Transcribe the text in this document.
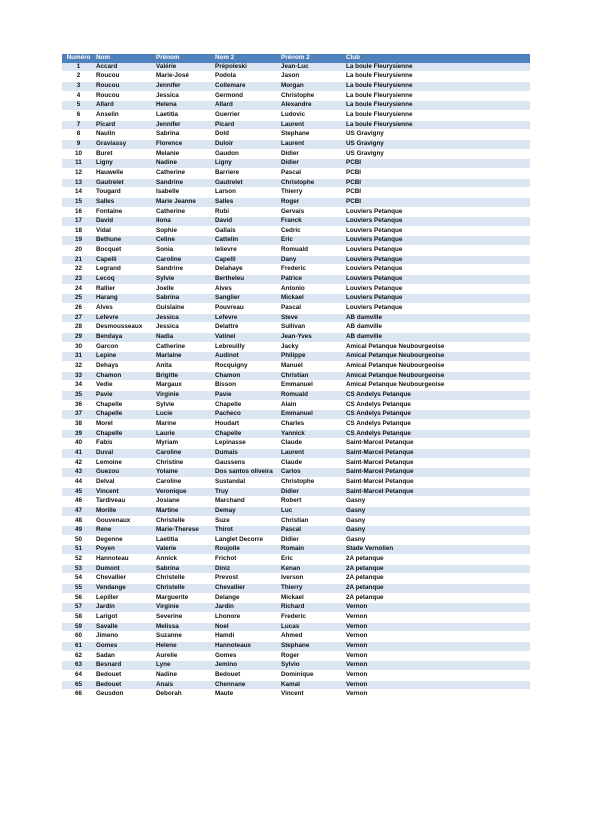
Numéro	Nom	Prénom	Nom 2	Prénom 2	Club
1	Accard	Valérie	Prépoleski	Jean-Luc	La boule Fleurysienne
2	Roucou	Marie-José	Podola	Jason	La boule Fleurysienne
3	Roucou	Jennifer	Collemare	Morgan	La boule Fleurysienne
4	Roucou	Jessica	Germond	Christophe	La boule Fleurysienne
5	Allard	Helena	Allard	Alexandre	La boule Fleurysienne
6	Anselin	Laetitia	Guerrier	Ludovic	La boule Fleurysienne
7	Picard	Jennifer	Picard	Laurent	La boule Fleurysienne
8	Naulin	Sabrina	Dold	Stephane	US Gravigny
9	Graviassy	Florence	Duloir	Laurent	US Gravigny
10	Buret	Melanie	Gaudon	Didier	US Gravigny
11	Ligny	Nadine	Ligny	Didier	PCBI
12	Hauwelle	Catherine	Barriere	Pascal	PCBI
13	Gautrelet	Sandrine	Gautrelet	Christophe	PCBI
14	Tougard	Isabelle	Larson	Thierry	PCBI
15	Salles	Marie Jeanne	Salles	Roger	PCBI
16	Fontaine	Catherine	Rubi	Gervais	Louviers Petanque
17	David	Ilona	David	Franck	Louviers Petanque
18	Vidal	Sophie	Gallais	Cedric	Louviers Petanque
19	Bethune	Celine	Cattelin	Eric	Louviers Petanque
20	Bocquet	Sonia	lelievre	Romuald	Louviers Petanque
21	Capelli	Caroline	Capelli	Dany	Louviers Petanque
22	Legrand	Sandrine	Delahaye	Frederic	Louviers Petanque
23	Lecoq	Sylvie	Bertheleu	Patrice	Louviers Petanque
24	Rallier	Joelle	Alves	Antonio	Louviers Petanque
25	Harang	Sabrina	Sanglier	Mickael	Louviers Petanque
26	Alves	Guislaine	Pouvreau	Pascal	Louviers Petanque
27	Lefevre	Jessica	Lefevre	Steve	AB damville
28	Desmousseaux	Jessica	Delattre	Sullivan	AB damville
29	Bendaya	Nadia	Vatinel	Jean-Yves	AB damville
30	Garcon	Catherine	Lebreuilly	Jacky	Amical Petanque Neubourgeoise
31	Lepine	Marlaine	Audinot	Philippe	Amical Petanque Neubourgeoise
32	Dehays	Anita	Rocquigny	Manuel	Amical Petanque Neubourgeoise
33	Chamon	Brigitte	Chamon	Christian	Amical Petanque Neubourgeoise
34	Vedie	Margaux	Bisson	Emmanuel	Amical Petanque Neubourgeoise
35	Pavie	Virginie	Pavie	Romuald	CS Andelys Petanque
36	Chapelle	Sylvie	Chapelle	Alain	CS Andelys Petanque
37	Chapelle	Lucie	Pacheco	Emmanuel	CS Andelys Petanque
38	Morel	Marine	Houdart	Charles	CS Andelys Petanque
39	Chapelle	Laurie	Chapelle	Yannick	CS Andelys Petanque
40	Fabis	Myriam	Lepinasse	Claude	Saint-Marcel Petanque
41	Duval	Caroline	Dumais	Laurent	Saint-Marcel Petanque
42	Lemoine	Christine	Gaussens	Claude	Saint-Marcel Petanque
43	Guezou	Yolaine	Dos santos oliveira	Carlos	Saint-Marcel Petanque
44	Delval	Caroline	Sustandal	Christophe	Saint-Marcel Petanque
45	Vincent	Veronique	Truy	Didier	Saint-Marcel Petanque
46	Tardiveau	Josiane	Marchand	Robert	Gasny
47	Morille	Martine	Demay	Luc	Gasny
48	Gouvenaux	Christelle	Suze	Christian	Gasny
49	Rene	Marie-Therese	Thirot	Pascal	Gasny
50	Degenne	Laetitia	Langlet Decorre	Didier	Gasny
51	Poyen	Valerie	Roujolle	Romain	Stade Vernolien
52	Hannoteau	Annick	Frichot	Eric	2A petanque
53	Dumont	Sabrina	Diniz	Kenan	2A petanque
54	Chevallier	Christelle	Prevost	Iverson	2A petanque
55	Vendange	Christelle	Chevallier	Thierry	2A petanque
56	Lepiller	Marguerite	Delange	Mickael	2A petanque
57	Jardin	Virginie	Jardin	Richard	Vernon
58	Larigot	Severine	Lhonore	Frederic	Vernon
59	Savalle	Melissa	Noel	Lucas	Vernon
60	Jimeno	Suzanne	Hamdi	Ahmed	Vernon
61	Gomes	Helene	Hannoteaux	Stephane	Vernon
62	Sadan	Aurelie	Gomes	Roger	Vernon
63	Besnard	Lyne	Jemino	Sylvio	Vernon
64	Bedouet	Nadine	Bedouet	Dominique	Vernon
65	Bedouet	Anais	Chennane	Kamal	Vernon
66	Geusdon	Deborah	Maute	Vincent	Vernon
